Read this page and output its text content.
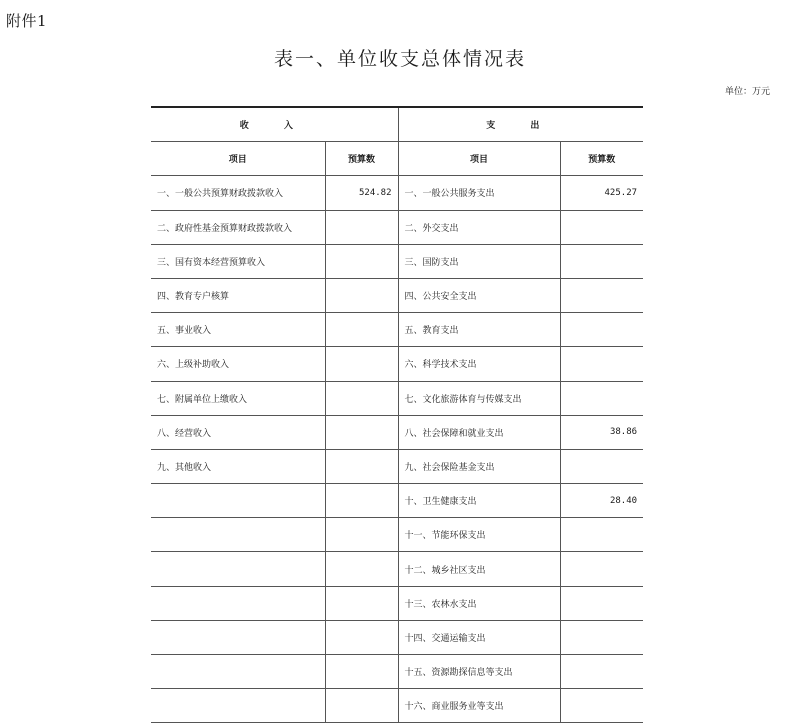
附件1
表一、单位收支总体情况表
单位：万元
收 入		支 出	
项目	预算数	项目	预算数
一、一般公共预算财政拨款收入	524.82	一、一般公共服务支出	425.27
二、政府性基金预算财政拨款收入		二、外交支出	
三、国有资本经营预算收入		三、国防支出	
四、教育专户核算		四、公共安全支出	
五、事业收入		五、教育支出	
六、上级补助收入		六、科学技术支出	
七、附属单位上缴收入		七、文化旅游体育与传媒支出	
八、经营收入		八、社会保障和就业支出	38.86
九、其他收入		九、社会保险基金支出	
		十、卫生健康支出	28.40
		十一、节能环保支出	
		十二、城乡社区支出	
		十三、农林水支出	
		十四、交通运输支出	
		十五、资源勘探信息等支出	
		十六、商业服务业等支出	
